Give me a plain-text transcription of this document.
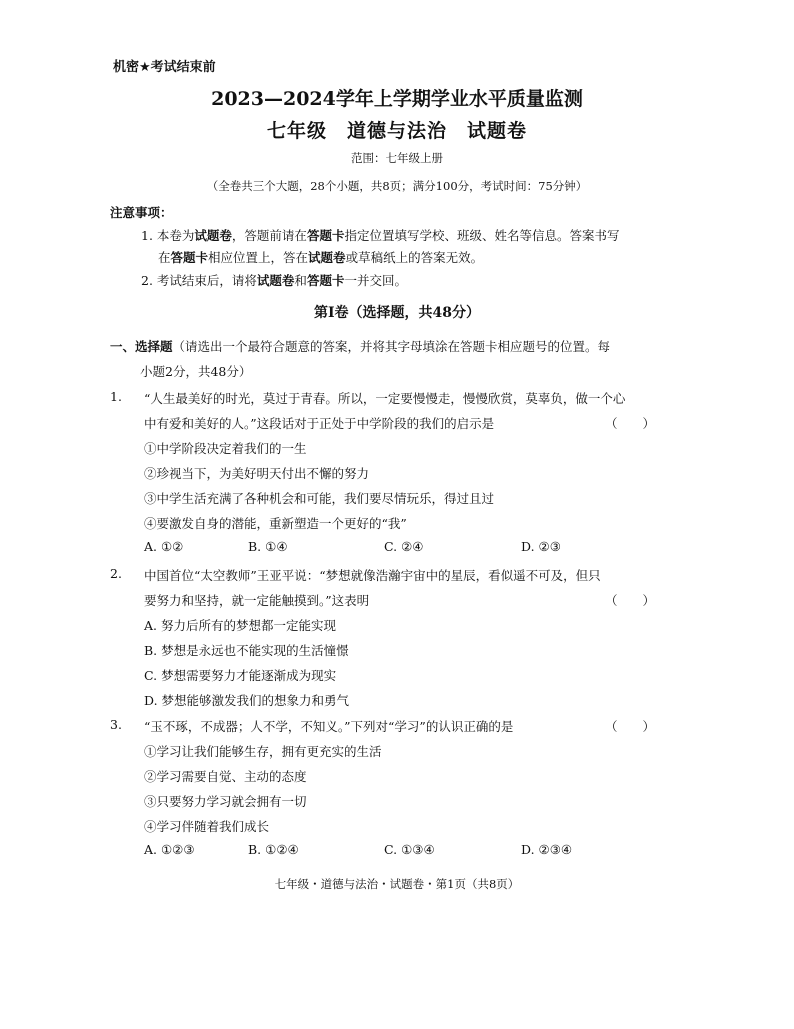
机密★考试结束前
2023—2024学年上学期学业水平质量监测
七年级　道德与法治　试题卷
范围：七年级上册
（全卷共三个大题，28个小题，共8页；满分100分，考试时间：75分钟）
注意事项：
1. 本卷为试题卷，答题前请在答题卡指定位置填写学校、班级、姓名等信息。答案书写
在答题卡相应位置上，答在试题卷或草稿纸上的答案无效。
2. 考试结束后，请将试题卷和答题卡一并交回。
第Ⅰ卷（选择题，共48分）
一、选择题（请选出一个最符合题意的答案，并将其字母填涂在答题卡相应题号的位置。每
小题2分，共48分）
1. “人生最美好的时光，莫过于青春。所以，一定要慢慢走，慢慢欣赏，莫辜负，做一个心
中有爱和美好的人。”这段话对于正处于中学阶段的我们的启示是	（　　）
①中学阶段决定着我们的一生
②珍视当下，为美好明天付出不懈的努力
③中学生活充满了各种机会和可能，我们要尽情玩乐，得过且过
④要激发自身的潜能，重新塑造一个更好的“我”
A. ①②	B. ①④	C. ②④	D. ②③
2. 中国首位“太空教师”王亚平说：“梦想就像浩瀚宇宙中的星辰，看似遥不可及，但只
要努力和坚持，就一定能触摸到。”这表明	（　　）
A. 努力后所有的梦想都一定能实现
B. 梦想是永远也不能实现的生活憧憬
C. 梦想需要努力才能逐渐成为现实
D. 梦想能够激发我们的想象力和勇气
3. “玉不琢，不成器；人不学，不知义。”下列对“学习”的认识正确的是	（　　）
①学习让我们能够生存，拥有更充实的生活
②学习需要自觉、主动的态度
③只要努力学习就会拥有一切
④学习伴随着我们成长
A. ①②③	B. ①②④	C. ①③④	D. ②③④
七年级・道德与法治・试题卷・第1页（共8页）
